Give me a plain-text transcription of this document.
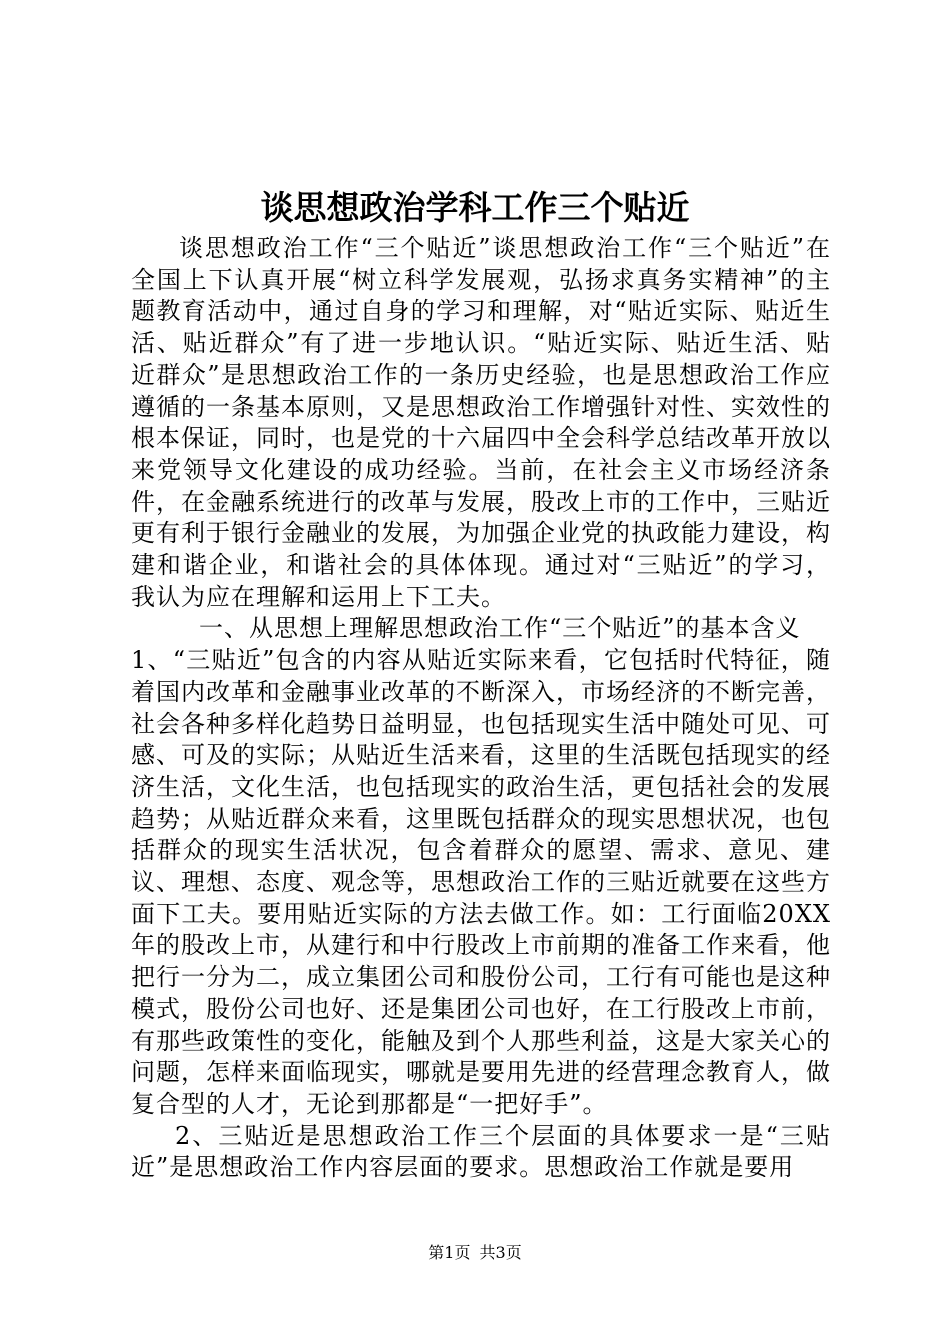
谈思想政治学科工作三个贴近

谈思想政治工作“三个贴近”谈思想政治工作“三个贴近”在全国上下认真开展“树立科学发展观，弘扬求真务实精神”的主题教育活动中，通过自身的学习和理解，对“贴近实际、贴近生活、贴近群众”有了进一步地认识。“贴近实际、贴近生活、贴近群众”是思想政治工作的一条历史经验，也是思想政治工作应遵循的一条基本原则，又是思想政治工作增强针对性、实效性的根本保证，同时，也是党的十六届四中全会科学总结改革开放以来党领导文化建设的成功经验。当前，在社会主义市场经济条件，在金融系统进行的改革与发展，股改上市的工作中，三贴近更有利于银行金融业的发展，为加强企业党的执政能力建设，构建和谐企业，和谐社会的具体体现。通过对“三贴近”的学习，我认为应在理解和运用上下工夫。

一、从思想上理解思想政治工作“三个贴近”的基本含义

1、“三贴近”包含的内容从贴近实际来看，它包括时代特征，随着国内改革和金融事业改革的不断深入，市场经济的不断完善，社会各种多样化趋势日益明显，也包括现实生活中随处可见、可感、可及的实际；从贴近生活来看，这里的生活既包括现实的经济生活，文化生活，也包括现实的政治生活，更包括社会的发展趋势；从贴近群众来看，这里既包括群众的现实思想状况，也包括群众的现实生活状况，包含着群众的愿望、需求、意见、建议、理想、态度、观念等，思想政治工作的三贴近就要在这些方面下工夫。要用贴近实际的方法去做工作。如：工行面临20XX年的股改上市，从建行和中行股改上市前期的准备工作来看，他把行一分为二，成立集团公司和股份公司，工行有可能也是这种模式，股份公司也好、还是集团公司也好，在工行股改上市前，有那些政策性的变化，能触及到个人那些利益，这是大家关心的问题，怎样来面临现实，哪就是要用先进的经营理念教育人，做复合型的人才，无论到那都是“一把好手”。

2、三贴近是思想政治工作三个层面的具体要求一是“三贴近”是思想政治工作内容层面的要求。思想政治工作就是要用

第1页 共3页
